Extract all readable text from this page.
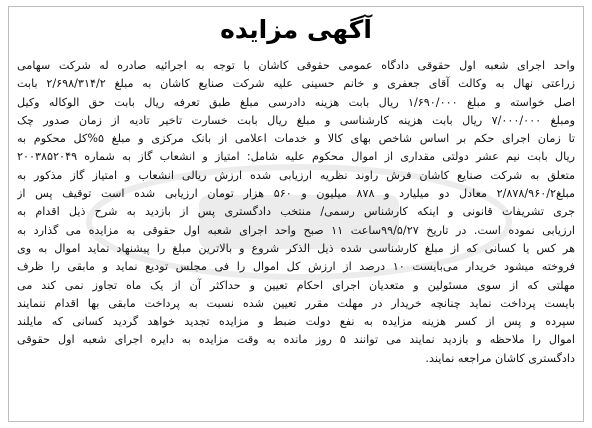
آگهی مزایده
واحد اجرای شعبه اول حقوقی دادگاه عمومی حقوقی کاشان با توجه به اجرائیه صادره له شرکت سهامی
زراعتی نهال به وکالت آقای جعفری و خانم حسینی علیه شرکت صنایع کاشان به مبلغ ۲/۶۹۸/۳۱۴/۲ بابت
اصل خواسته و مبلغ ۱/۶۹۰/۰۰۰ ریال بابت هزینه دادرسی مبلغ طبق تعرفه ریال بابت حق الوکاله وکیل
ومبلغ ۷/۰۰۰/۰۰۰ ریال بابت هزینه کارشناسی و مبلغ ریال بابت خسارت تاخیر تادیه از زمان صدور چک
تا زمان اجرای حکم بر اساس شاخص بهای کالا و خدمات اعلامی از بانک مرکزی و مبلغ ۵%کل محکوم به
ریال بابت نیم عشر دولتی مقداری از اموال محکوم علیه شامل: امتیاز و انشعاب گاز به شماره ۲۰۰۳۸۵۲۰۴۹
متعلق به شرکت صنایع کاشان فرش راوند نظریه ارزیابی شده ارزش ریالی انشعاب و امتیاز گاز مذکور به
مبلغ۲/۸۷۸/۹۶۰/۲ معادل دو میلیارد و ۸۷۸ میلیون و ۵۶۰ هزار تومان ارزیابی شده است توقیف پس از
جری تشریفات قانونی و اینکه کارشناس رسمی/ منتخب دادگستری پس از بازدید به شرح ذیل اقدام به
ارزیابی نموده است. در تاریخ ۹۹/۵/۲۷ساعت ۱۱ صبح واحد اجرای شعبه اول حقوقی به مزایده می گذارد به
هر کس یا کسانی که از مبلغ کارشناسی شده ذیل الذکر شروع و بالاترین مبلغ را پیشنهاد نماید اموال به وی
فروخته میشود خریدار می‌بایست ۱۰ درصد از ارزش کل اموال را فی مجلس تودیع نماید و مابقی را ظرف
مهلتی که از سوی مسئولین و متعدیان اجرای احکام تعیین و حداکثر آن از یک ماه تجاوز نمی کند می
بایست پرداخت نماید چنانچه خریدار در مهلت مقرر تعیین شده نسبت به پرداخت مابقی بها اقدام ننمایند
سپرده و پس از کسر هزینه مزایده به نفع دولت ضبط و مزایده تجدید خواهد گردید کسانی که مایلند
اموال را ملاحظه و بازدید نمایند می توانند ۵ روز مانده به وقت مزایده به دایره اجرای شعبه اول حقوقی
دادگستری کاشان مراجعه نمایند.
